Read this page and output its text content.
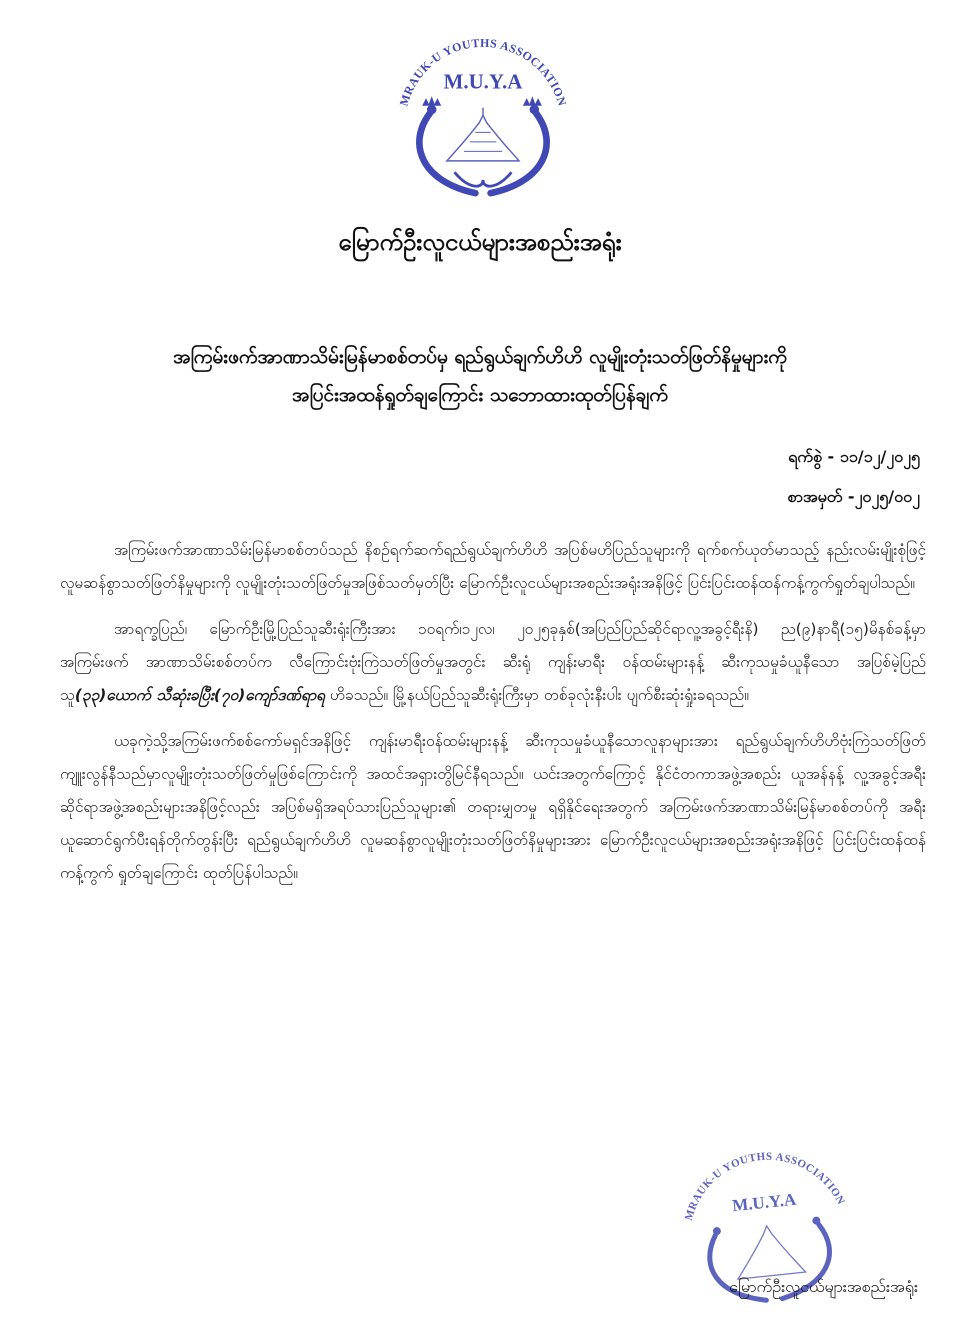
MRAUK-U YOUTHS ASSOCIATION
M.U.Y.A
မြောက်ဦးလူငယ်များအစည်းအရုံး
အကြမ်းဖက်အာဏာသိမ်းမြန်မာစစ်တပ်မှ ရည်ရွယ်ချက်ဟိဟိ လူမျိုးတုံးသတ်ဖြတ်နိမှုများကို
အပြင်းအထန်ရှုတ်ချကြောင်း သဘောထားထုတ်ပြန်ချက်
ရက်စွဲ - ၁၁/၁၂/၂၀၂၅
စာအမှတ် -၂၀၂၅/၀၀၂

အကြမ်းဖက်အာဏာသိမ်းမြန်မာစစ်တပ်သည် နိစဉ်ရက်ဆက်ရည်ရွယ်ချက်ဟိဟိ အပြစ်မဟိပြည်သူများကို ရက်စက်ယုတ်မာသည့် နည်းလမ်းမျိုးစုံဖြင့်လူမဆန်စွာသတ်ဖြတ်နိမှုများကို လူမျိုးတုံးသတ်ဖြတ်မှုအဖြစ်သတ်မှတ်ပြီး မြောက်ဦးလူငယ်များအစည်းအရုံးအနိဖြင့် ပြင်းပြင်းထန်ထန်ကန့်ကွက်ရှုတ်ချပါသည်။

အာရက္ခပြည်၊ မြောက်ဦးမြို့ပြည်သူဆီးရုံးကြီးအား ၁၀ရက်၊၁၂လ၊ ၂၀၂၅ခုနှစ်(အပြည်ပြည်ဆိုင်ရာလူ့အခွင့်ရီးနိ) ည(၉)နာရီ(၁၅)မိနစ်ခန့်မှာ အကြမ်းဖက် အာဏာသိမ်းစစ်တပ်က လီကြောင်းဗုံးကြဲသတ်ဖြတ်မှုအတွင်း ဆီးရုံ ကျန်းမာရီး ဝန်ထမ်းများနန့် ဆီးကုသမှုခံယူနီသော အပြစ်မဲ့ပြည်သူ(၃၃)ယောက် သီဆုံးခပြီး(၇၀)ကျော်ဒဏ်ရာရ ဟိခသည်။ မြို့နယ်ပြည်သူဆီးရုံးကြီးမှာ တစ်ခုလုံးနီးပါး ပျက်စီးဆုံးရှုံးခရသည်။

ယခုကဲ့သို့အကြမ်းဖက်စစ်ကော်မရှင်အနိဖြင့် ကျန်းမာရီးဝန်ထမ်းများနန့် ဆီးကုသမှုခံယူနီသောလူနာများအား ရည်ရွယ်ချက်ဟိဟိဗုံးကြဲသတ်ဖြတ်ကျူးလွန်နီသည်မှာလူမျိုးတုံးသတ်ဖြတ်မှုဖြစ်ကြောင်းကို အထင်အရှားတွိမြင်နီရသည်။ ယင်းအတွက်ကြောင့် နိုင်ငံတကာအဖွဲ့အစည်း ယူအန်နန့် လူ့အခွင့်အရီးဆိုင်ရာအဖွဲ့အစည်းများအနိဖြင့်လည်း အပြစ်မရှိအရပ်သားပြည်သူများ၏ တရားမျှတမှု ရရှိနိုင်ရေးအတွက် အကြမ်းဖက်အာဏာသိမ်းမြန်မာစစ်တပ်ကို အရီးယူဆောင်ရွက်ပီးရန်တိုက်တွန်းပြီး ရည်ရွယ်ချက်ဟိဟိ လူမဆန်စွာလူမျိုးတုံးသတ်ဖြတ်နိမှုများအား မြောက်ဦးလူငယ်များအစည်းအရုံးအနိဖြင့် ပြင်းပြင်းထန်ထန်ကန့်ကွက် ရှုတ်ချကြောင်း ထုတ်ပြန်ပါသည်။

MRAUK-U YOUTHS ASSOCIATION
M.U.Y.A
မြောက်ဦးလူငယ်များအစည်းအရုံး
